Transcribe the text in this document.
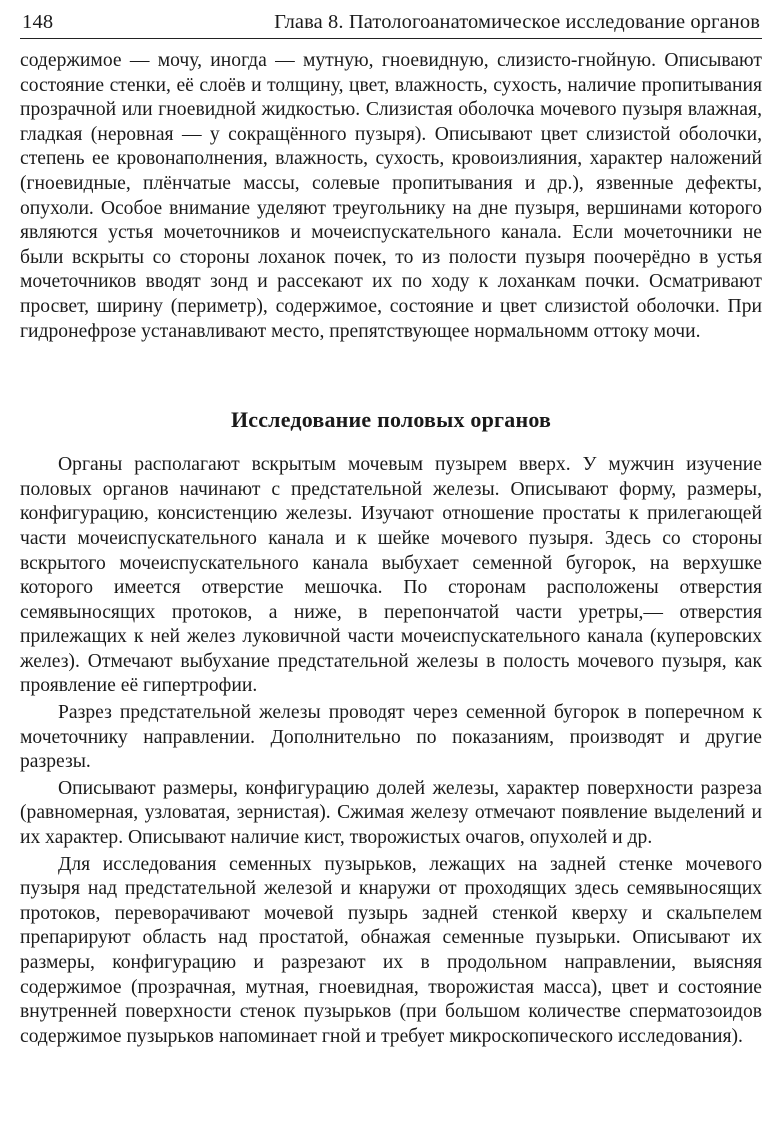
148	Глава 8. Патологоанатомическое исследование органов

содержимое — мочу, иногда — мутную, гноевидную, слизисто-гнойную. Описывают состояние стенки, её слоёв и толщину, цвет, влажность, сухость, наличие пропитывания прозрачной или гноевидной жидкостью. Слизистая оболочка мочевого пузыря влажная, гладкая (неровная — у сокращённого пузыря). Описывают цвет слизистой оболочки, степень ее кровонаполнения, влажность, сухость, кровоизлияния, характер наложений (гноевидные, плёнчатые массы, солевые пропитывания и др.), язвенные дефекты, опухоли. Особое внимание уделяют треугольнику на дне пузыря, вершинами которого являются устья мочеточников и мочеиспускательного канала. Если мочеточники не были вскрыты со стороны лоханок почек, то из полости пузыря поочерёдно в устья мочеточников вводят зонд и рассекают их по ходу к лоханкам почки. Осматривают просвет, ширину (периметр), содержимое, состояние и цвет слизистой оболочки. При гидронефрозе устанавливают место, препятствующее нормальномм оттоку мочи.

Исследование половых органов

Органы располагают вскрытым мочевым пузырем вверх. У мужчин изучение половых органов начинают с предстательной железы. Описывают форму, размеры, конфигурацию, консистенцию железы. Изучают отношение простаты к прилегающей части мочеиспускательного канала и к шейке мочевого пузыря. Здесь со стороны вскрытого мочеиспускательного канала выбухает семенной бугорок, на верхушке которого имеется отверстие мешочка. По сторонам расположены отверстия семявыносящих протоков, а ниже, в перепончатой части уретры,— отверстия прилежащих к ней желез луковичной части мочеиспускательного канала (куперовских желез). Отмечают выбухание предстательной железы в полость мочевого пузыря, как проявление её гипертрофии.

Разрез предстательной железы проводят через семенной бугорок в поперечном к мочеточнику направлении. Дополнительно по показаниям, производят и другие разрезы.

Описывают размеры, конфигурацию долей железы, характер поверхности разреза (равномерная, узловатая, зернистая). Сжимая железу отмечают появление выделений и их характер. Описывают наличие кист, творожистых очагов, опухолей и др.

Для исследования семенных пузырьков, лежащих на задней стенке мочевого пузыря над предстательной железой и кнаружи от проходящих здесь семявыносящих протоков, переворачивают мочевой пузырь задней стенкой кверху и скальпелем препарируют область над простатой, обнажая семенные пузырьки. Описывают их размеры, конфигурацию и разрезают их в продольном направлении, выясняя содержимое (прозрачная, мутная, гноевидная, творожистая масса), цвет и состояние внутренней поверхности стенок пузырьков (при большом количестве сперматозоидов содержимое пузырьков напоминает гной и требует микроскопического исследования).
